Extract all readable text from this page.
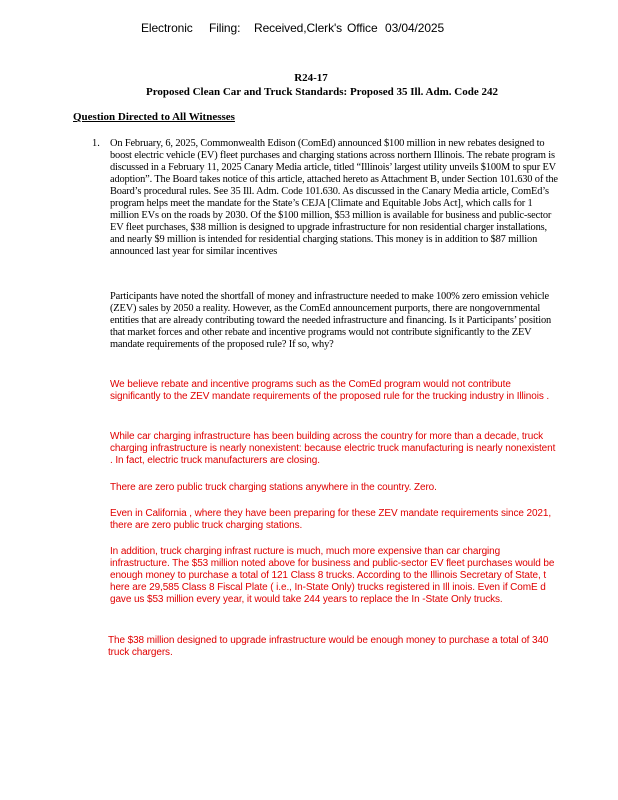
Electronic Filing: Received,Clerk's Office 03/04/2025
R24-17
Proposed Clean Car and Truck Standards: Proposed 35 Ill. Adm. Code 242
Question Directed to All Witnesses
1. On February, 6, 2025, Commonwealth Edison (ComEd) announced $100 million in new rebates designed to boost electric vehicle (EV) fleet purchases and charging stations across northern Illinois. The rebate program is discussed in a February 11, 2025 Canary Media article, titled “Illinois’ largest utility unveils $100M to spur EV adoption”. The Board takes notice of this article, attached hereto as Attachment B, under Section 101.630 of the Board’s procedural rules. See 35 Ill. Adm. Code 101.630. As discussed in the Canary Media article, ComEd’s program helps meet the mandate for the State’s CEJA [Climate and Equitable Jobs Act], which calls for 1 million EVs on the roads by 2030. Of the $100 million, $53 million is available for business and public-sector EV fleet purchases, $38 million is designed to upgrade infrastructure for non residential charger installations, and nearly $9 million is intended for residential charging stations. This money is in addition to $87 million announced last year for similar incentives

Participants have noted the shortfall of money and infrastructure needed to make 100% zero emission vehicle (ZEV) sales by 2050 a reality. However, as the ComEd announcement purports, there are nongovernmental entities that are already contributing toward the needed infrastructure and financing. Is it Participants’ position that market forces and other rebate and incentive programs would not contribute significantly to the ZEV mandate requirements of the proposed rule? If so, why?

We believe rebate and incentive programs such as the ComEd program would not contribute significantly to the ZEV mandate requirements of the proposed rule for the trucking industry in Illinois .

While car charging infrastructure has been building across the country for more than a decade, truck charging infrastructure is nearly nonexistent: because electric truck manufacturing is nearly nonexistent . In fact, electric truck manufacturers are closing.

There are zero public truck charging stations anywhere in the country. Zero.

Even in California , where they have been preparing for these ZEV mandate requirements since 2021, there are zero public truck charging stations.

In addition, truck charging infrast ructure is much, much more expensive than car charging infrastructure. The $53 million noted above for business and public-sector EV fleet purchases would be enough money to purchase a total of 121 Class 8 trucks. According to the Illinois Secretary of State, t here are 29,585 Class 8 Fiscal Plate ( i.e., In-State Only) trucks registered in Ill inois. Even if ComE d gave us $53 million every year, it would take 244 years to replace the In -State Only trucks.

The $38 million designed to upgrade infrastructure would be enough money to purchase a total of 340 truck chargers.
